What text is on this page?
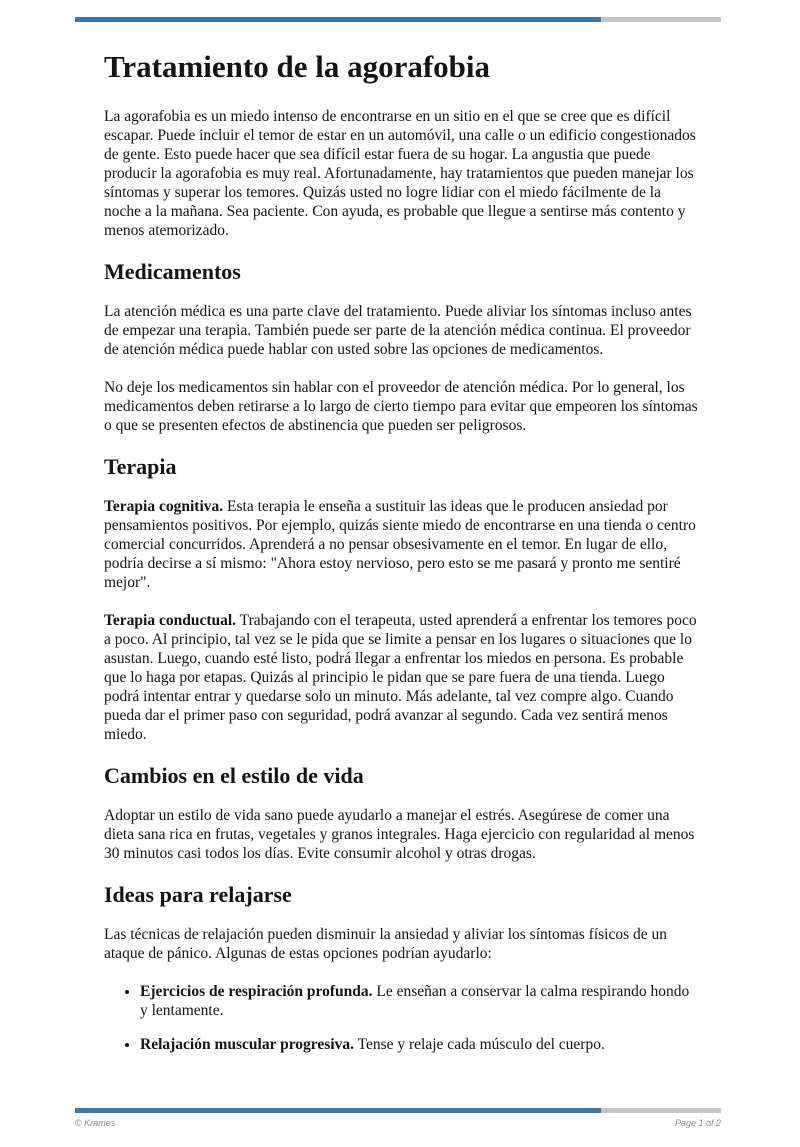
Tratamiento de la agorafobia

La agorafobia es un miedo intenso de encontrarse en un sitio en el que se cree que es difícil escapar. Puede incluir el temor de estar en un automóvil, una calle o un edificio congestionados de gente. Esto puede hacer que sea difícil estar fuera de su hogar. La angustia que puede producir la agorafobia es muy real. Afortunadamente, hay tratamientos que pueden manejar los síntomas y superar los temores. Quizás usted no logre lidiar con el miedo fácilmente de la noche a la mañana. Sea paciente. Con ayuda, es probable que llegue a sentirse más contento y menos atemorizado.

Medicamentos

La atención médica es una parte clave del tratamiento. Puede aliviar los síntomas incluso antes de empezar una terapia. También puede ser parte de la atención médica continua. El proveedor de atención médica puede hablar con usted sobre las opciones de medicamentos.

No deje los medicamentos sin hablar con el proveedor de atención médica. Por lo general, los medicamentos deben retirarse a lo largo de cierto tiempo para evitar que empeoren los síntomas o que se presenten efectos de abstinencia que pueden ser peligrosos.

Terapia

Terapia cognitiva. Esta terapia le enseña a sustituir las ideas que le producen ansiedad por pensamientos positivos. Por ejemplo, quizás siente miedo de encontrarse en una tienda o centro comercial concurridos. Aprenderá a no pensar obsesivamente en el temor. En lugar de ello, podría decirse a sí mismo: "Ahora estoy nervioso, pero esto se me pasará y pronto me sentiré mejor".

Terapia conductual. Trabajando con el terapeuta, usted aprenderá a enfrentar los temores poco a poco. Al principio, tal vez se le pida que se limite a pensar en los lugares o situaciones que lo asustan. Luego, cuando esté listo, podrá llegar a enfrentar los miedos en persona. Es probable que lo haga por etapas. Quizás al principio le pidan que se pare fuera de una tienda. Luego podrá intentar entrar y quedarse solo un minuto. Más adelante, tal vez compre algo. Cuando pueda dar el primer paso con seguridad, podrá avanzar al segundo. Cada vez sentirá menos miedo.

Cambios en el estilo de vida

Adoptar un estilo de vida sano puede ayudarlo a manejar el estrés. Asegúrese de comer una dieta sana rica en frutas, vegetales y granos integrales. Haga ejercicio con regularidad al menos 30 minutos casi todos los días. Evite consumir alcohol y otras drogas.

Ideas para relajarse

Las técnicas de relajación pueden disminuir la ansiedad y aliviar los síntomas físicos de un ataque de pánico. Algunas de estas opciones podrían ayudarlo:

• Ejercicios de respiración profunda. Le enseñan a conservar la calma respirando hondo y lentamente.
• Relajación muscular progresiva. Tense y relaje cada músculo del cuerpo.
© Krames	Page 1 of 2
